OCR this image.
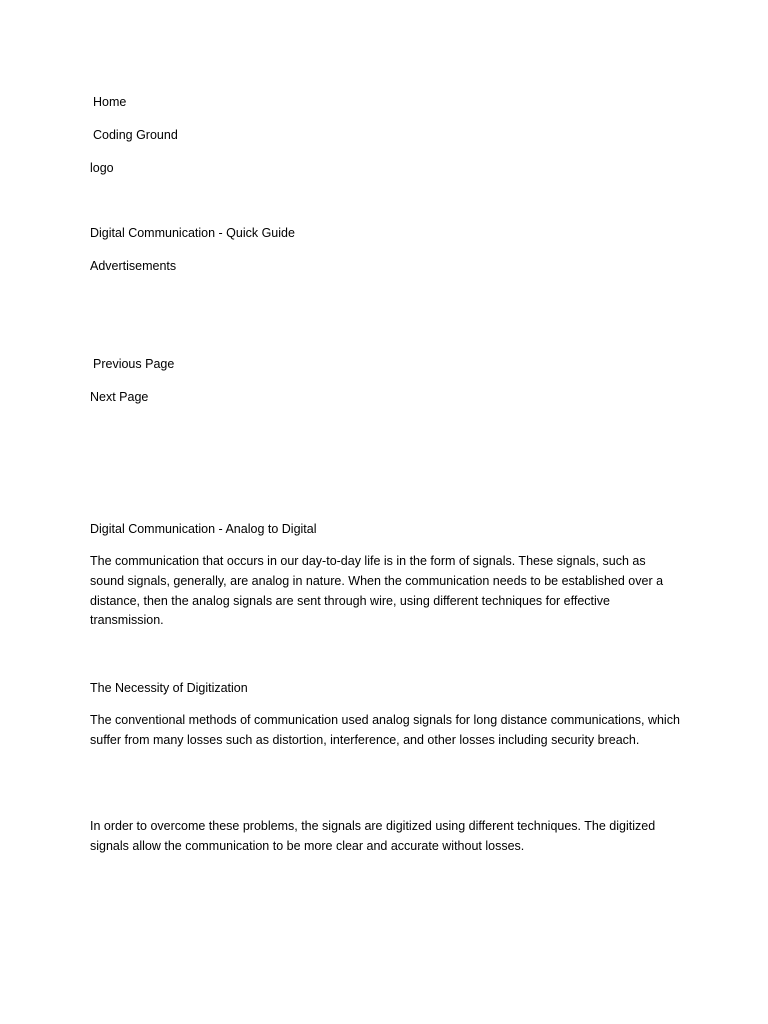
Home
Coding Ground
logo
Digital Communication - Quick Guide
Advertisements
Previous Page
Next Page
Digital Communication - Analog to Digital

The communication that occurs in our day-to-day life is in the form of signals. These signals, such as sound signals, generally, are analog in nature. When the communication needs to be established over a distance, then the analog signals are sent through wire, using different techniques for effective transmission.

The Necessity of Digitization

The conventional methods of communication used analog signals for long distance communications, which suffer from many losses such as distortion, interference, and other losses including security breach.

In order to overcome these problems, the signals are digitized using different techniques. The digitized signals allow the communication to be more clear and accurate without losses.
